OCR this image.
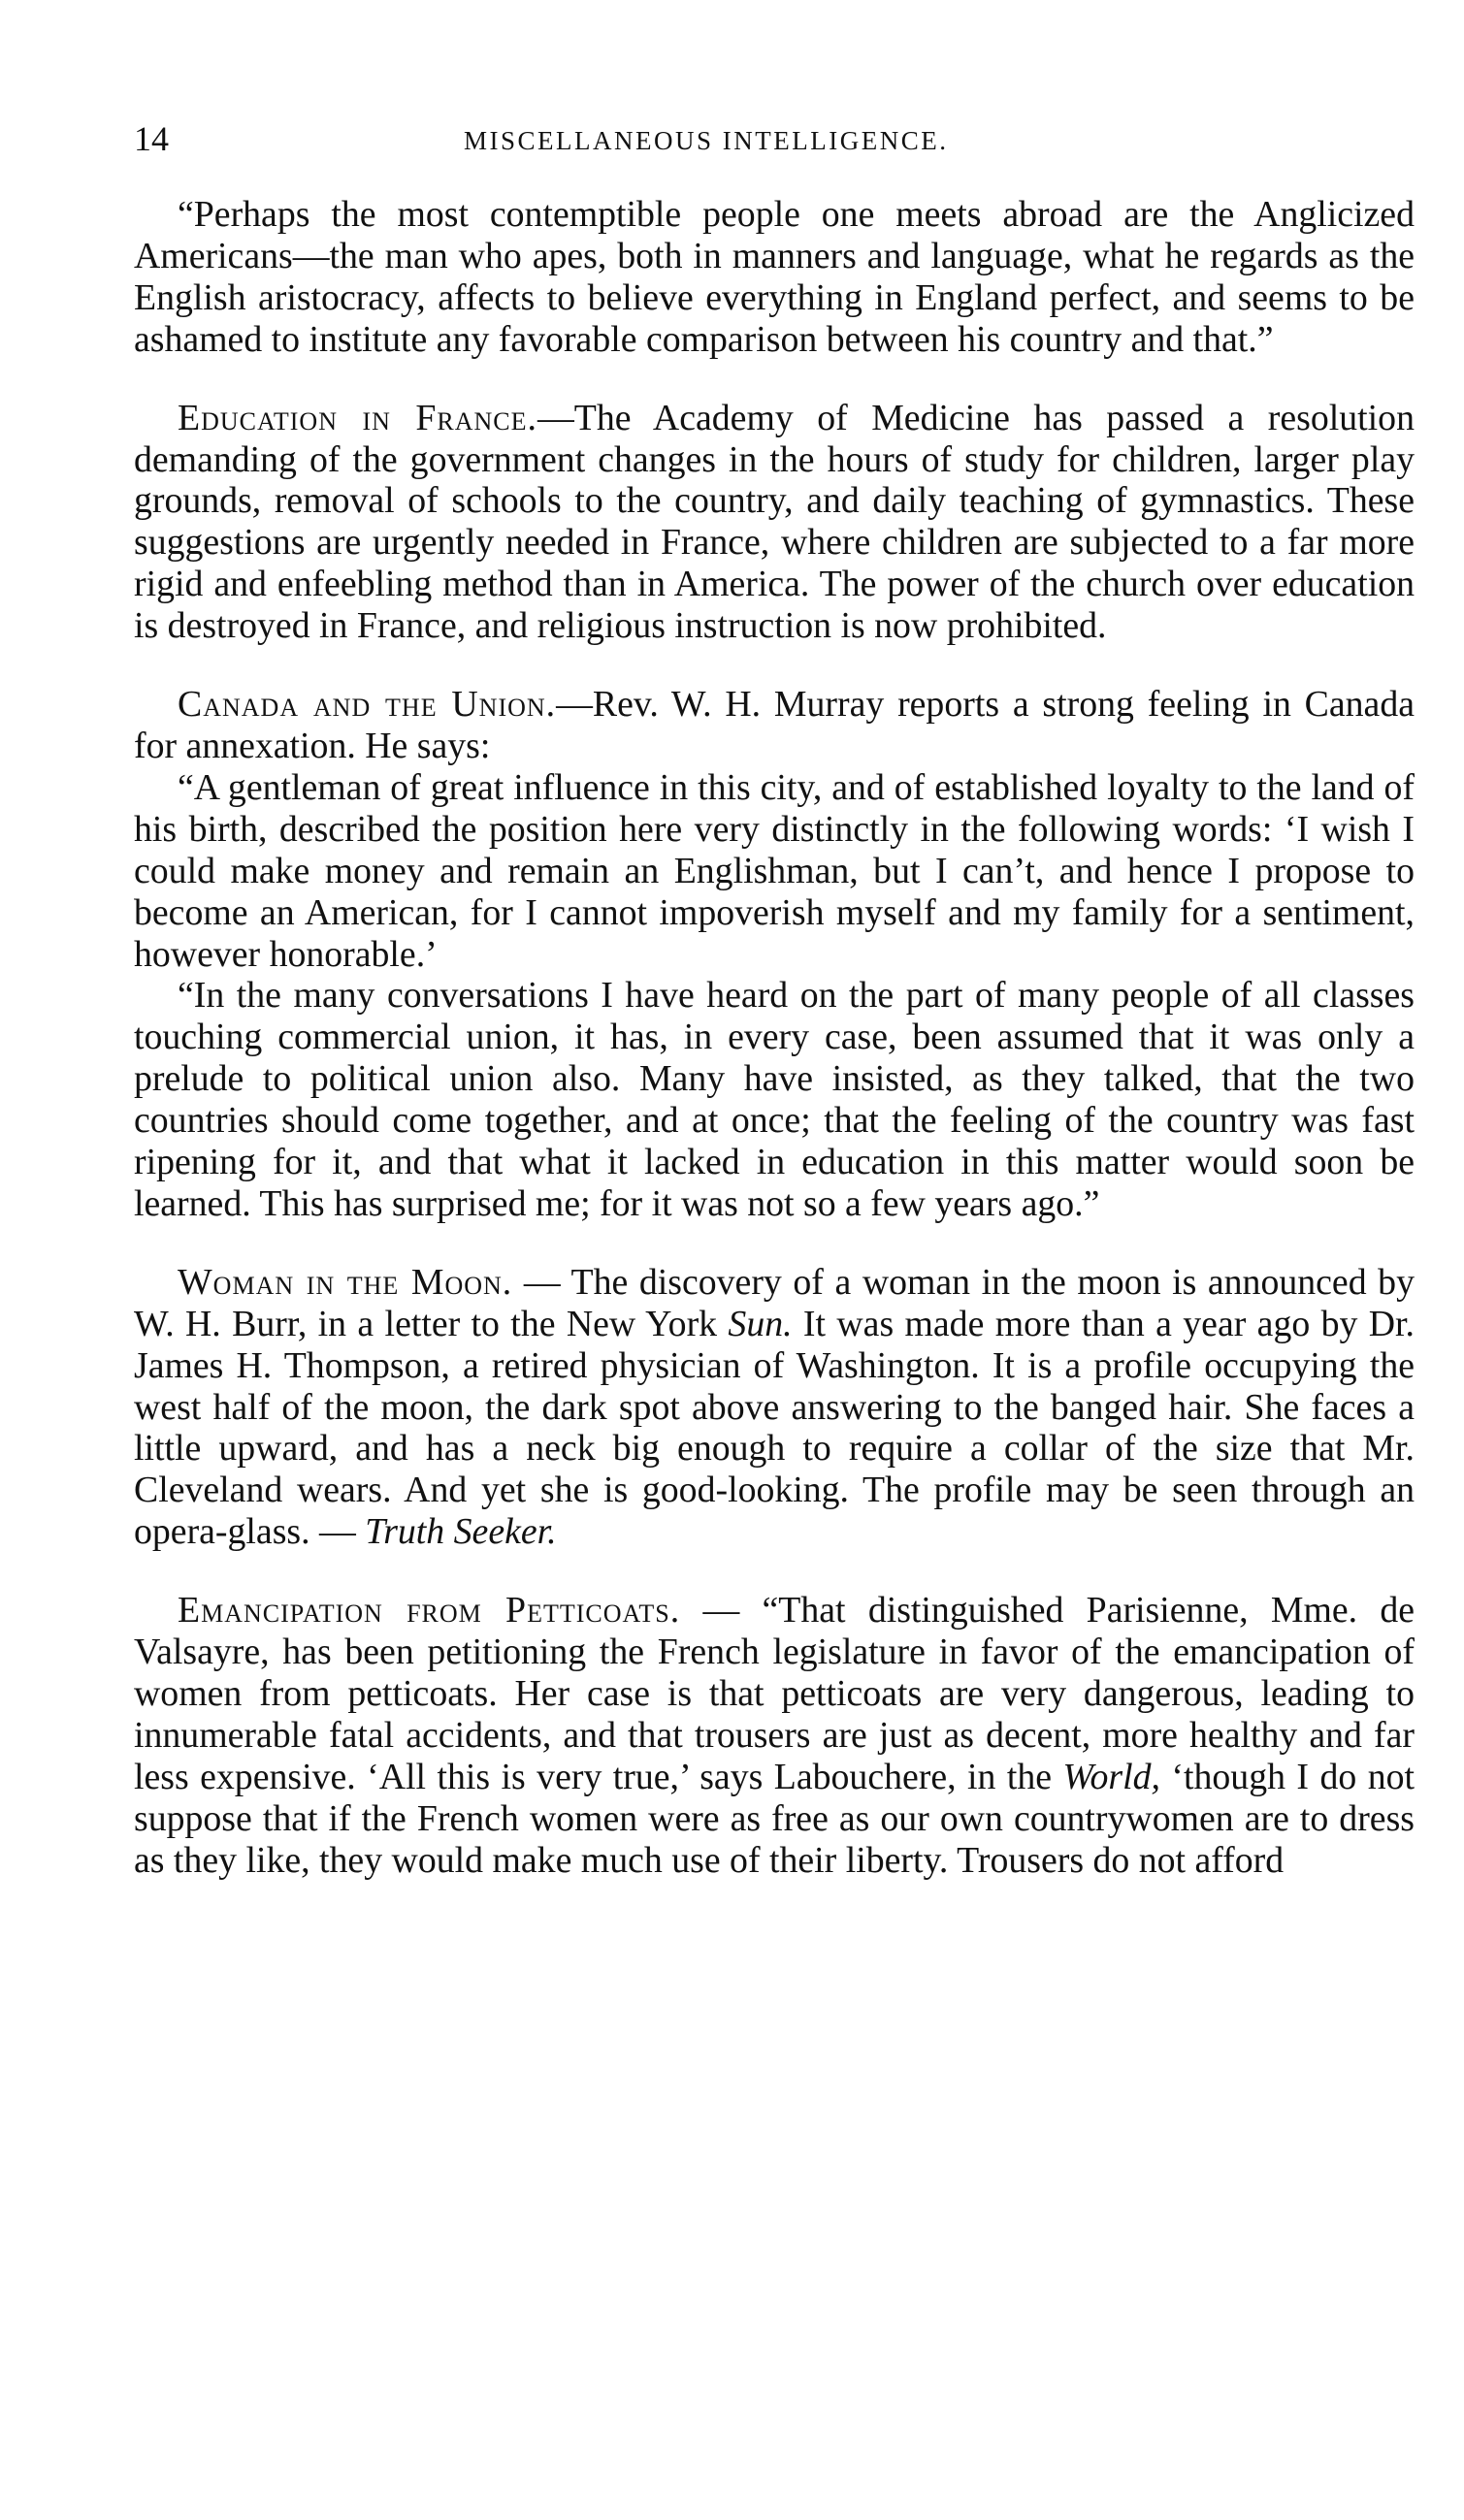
14	MISCELLANEOUS INTELLIGENCE.

“Perhaps the most contemptible people one meets abroad are the Anglicized Americans—the man who apes, both in manners and language, what he regards as the English aristocracy, affects to believe everything in England perfect, and seems to be ashamed to institute any favorable comparison between his country and that.”

Education in France.—The Academy of Medicine has passed a resolution demanding of the government changes in the hours of study for children, larger play grounds, removal of schools to the country, and daily teaching of gymnastics. These suggestions are urgently needed in France, where children are subjected to a far more rigid and enfeebling method than in America. The power of the church over education is destroyed in France, and religious instruction is now prohibited.

Canada and the Union.—Rev. W. H. Murray reports a strong feeling in Canada for annexation. He says:

“A gentleman of great influence in this city, and of established loyalty to the land of his birth, described the position here very distinctly in the following words: ‘I wish I could make money and remain an Englishman, but I can’t, and hence I propose to become an American, for I cannot impoverish myself and my family for a sentiment, however honorable.’

“In the many conversations I have heard on the part of many people of all classes touching commercial union, it has, in every case, been assumed that it was only a prelude to political union also. Many have insisted, as they talked, that the two countries should come together, and at once; that the feeling of the country was fast ripening for it, and that what it lacked in education in this matter would soon be learned. This has surprised me; for it was not so a few years ago.”

Woman in the Moon. — The discovery of a woman in the moon is announced by W. H. Burr, in a letter to the New York Sun. It was made more than a year ago by Dr. James H. Thompson, a retired physician of Washington. It is a profile occupying the west half of the moon, the dark spot above answering to the banged hair. She faces a little upward, and has a neck big enough to require a collar of the size that Mr. Cleveland wears. And yet she is good-looking. The profile may be seen through an opera-glass. — Truth Seeker.

Emancipation from Petticoats. — “That distinguished Parisienne, Mme. de Valsayre, has been petitioning the French legislature in favor of the emancipation of women from petticoats. Her case is that petticoats are very dangerous, leading to innumerable fatal accidents, and that trousers are just as decent, more healthy and far less expensive. ‘All this is very true,’ says Labouchere, in the World, ‘though I do not suppose that if the French women were as free as our own countrywomen are to dress as they like, they would make much use of their liberty. Trousers do not afford
